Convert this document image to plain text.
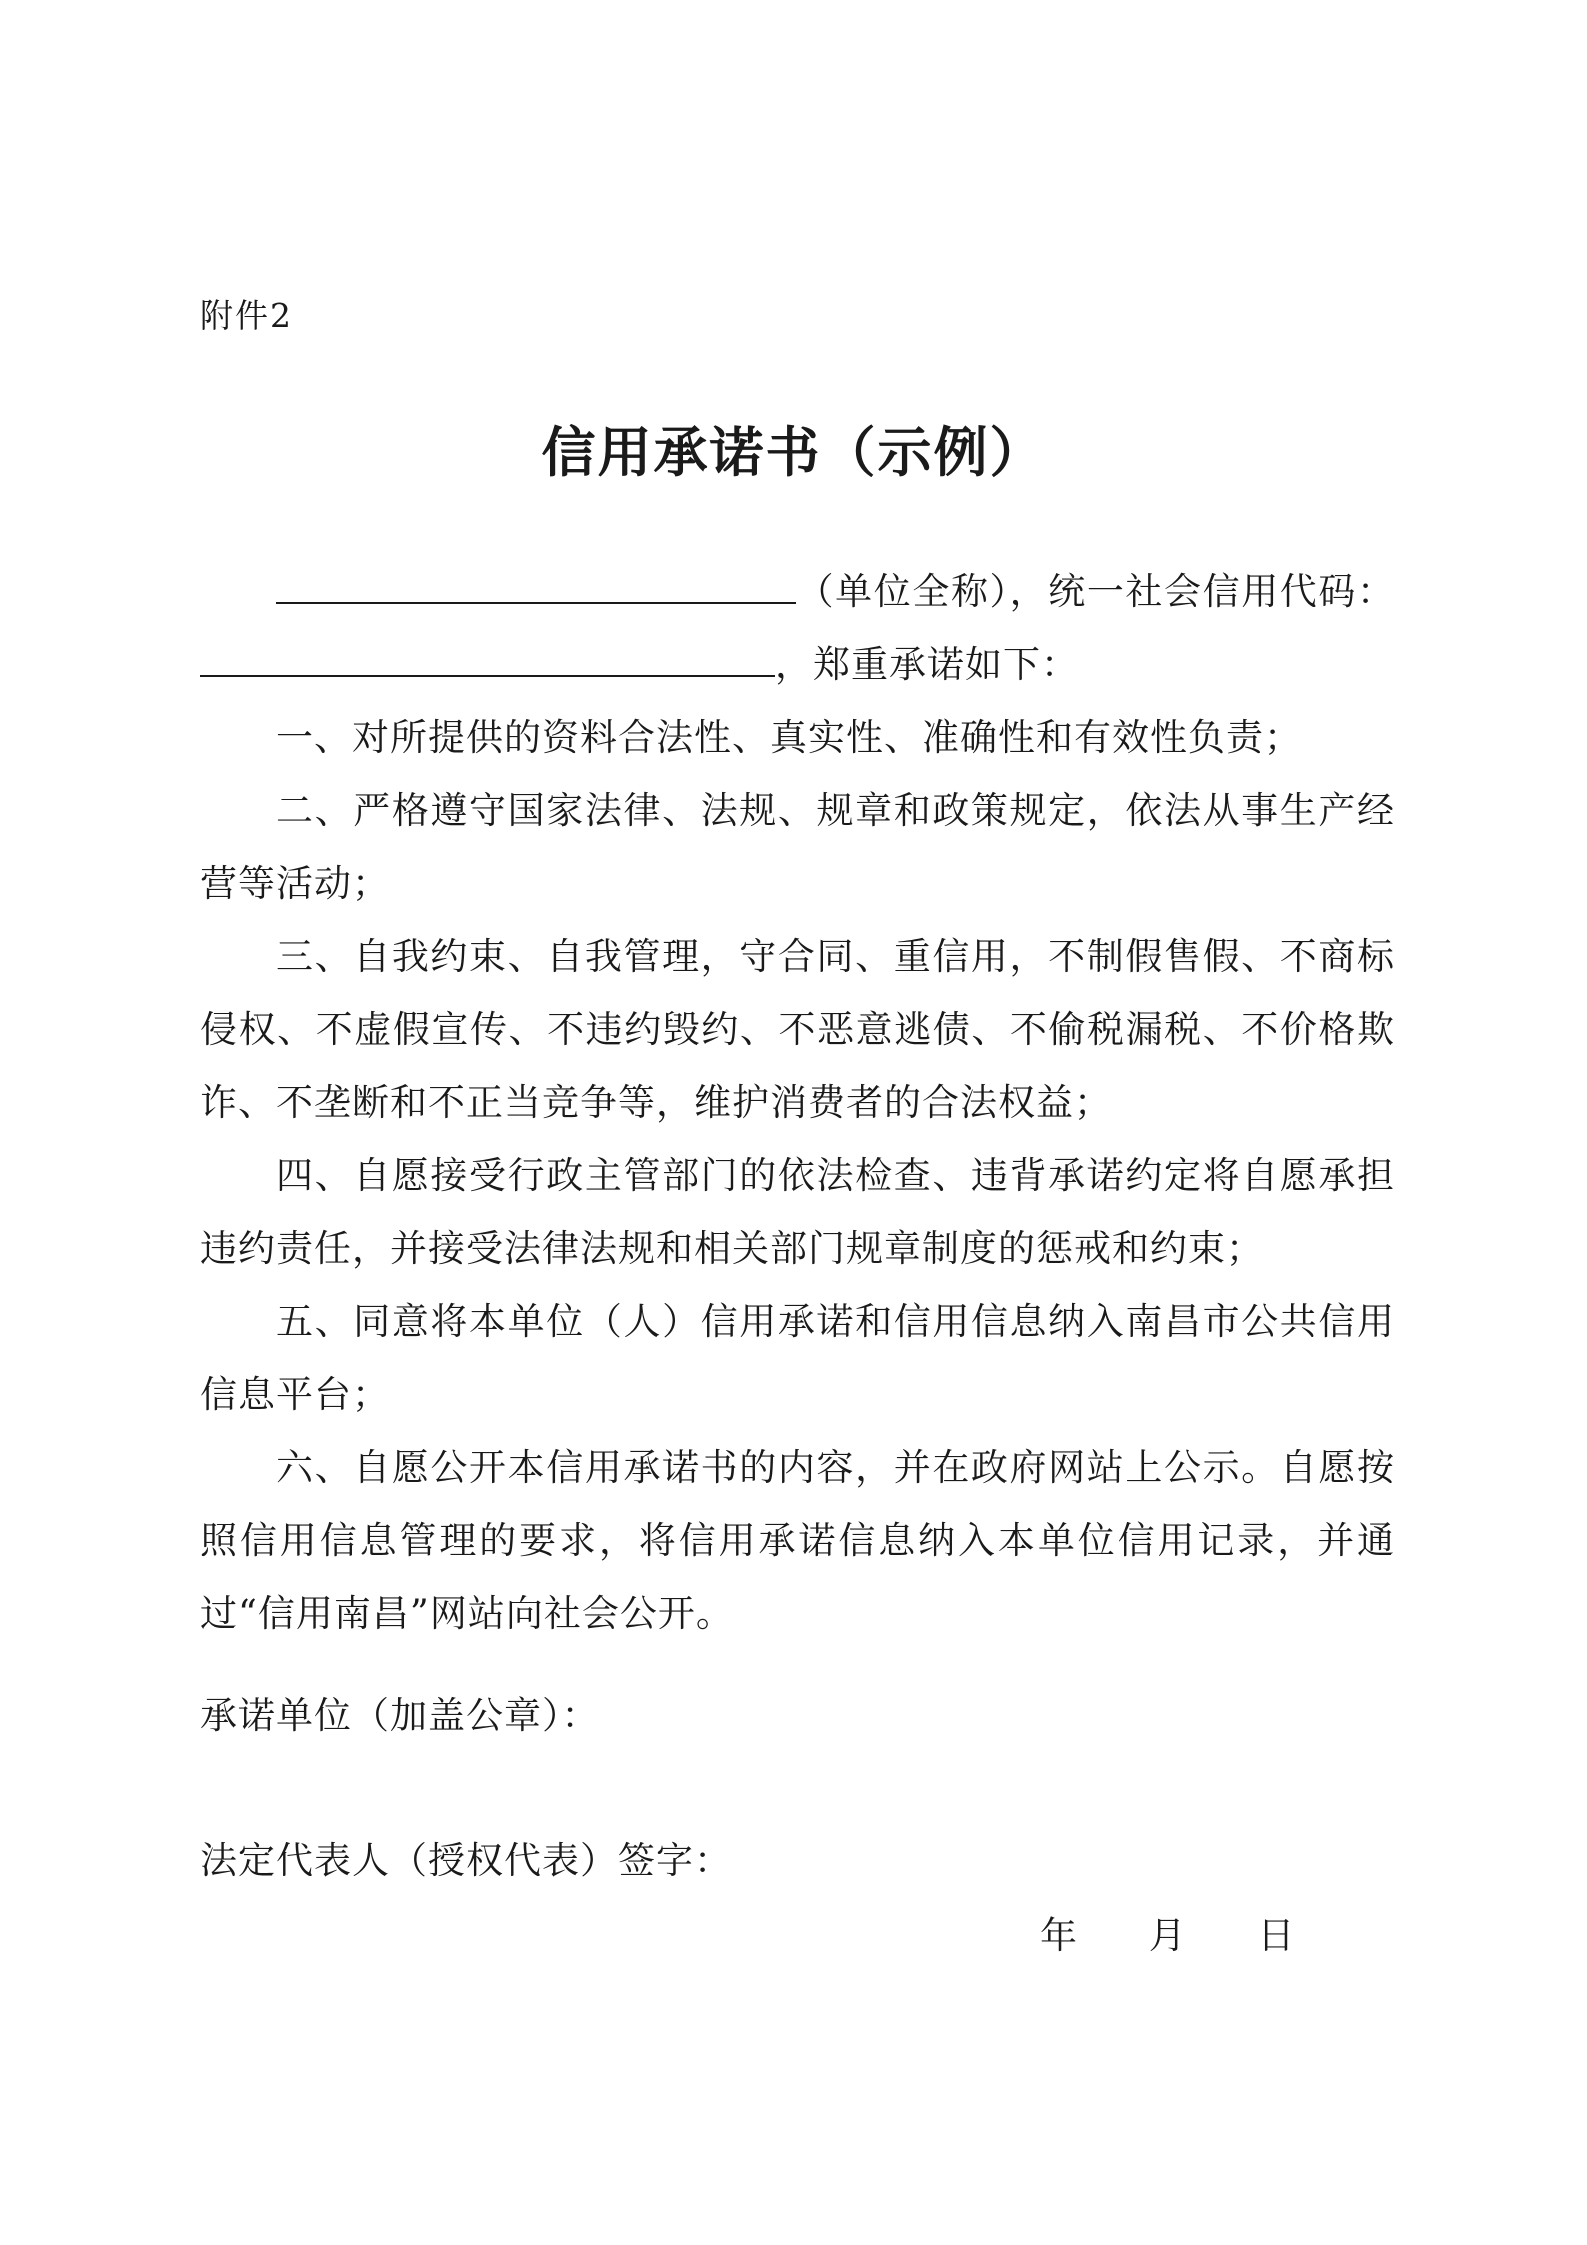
附件2
信用承诺书（示例）

（单位全称），统一社会信用代码：，郑重承诺如下：

一、对所提供的资料合法性、真实性、准确性和有效性负责；

二、严格遵守国家法律、法规、规章和政策规定，依法从事生产经营等活动；

三、自我约束、自我管理，守合同、重信用，不制假售假、不商标侵权、不虚假宣传、不违约毁约、不恶意逃债、不偷税漏税、不价格欺诈、不垄断和不正当竞争等，维护消费者的合法权益；

四、自愿接受行政主管部门的依法检查、违背承诺约定将自愿承担违约责任，并接受法律法规和相关部门规章制度的惩戒和约束；

五、同意将本单位（人）信用承诺和信用信息纳入南昌市公共信用信息平台；

六、自愿公开本信用承诺书的内容，并在政府网站上公示。自愿按照信用信息管理的要求，将信用承诺信息纳入本单位信用记录，并通过“信用南昌”网站向社会公开。

承诺单位（加盖公章）：
法定代表人（授权代表）签字：
年 月 日
